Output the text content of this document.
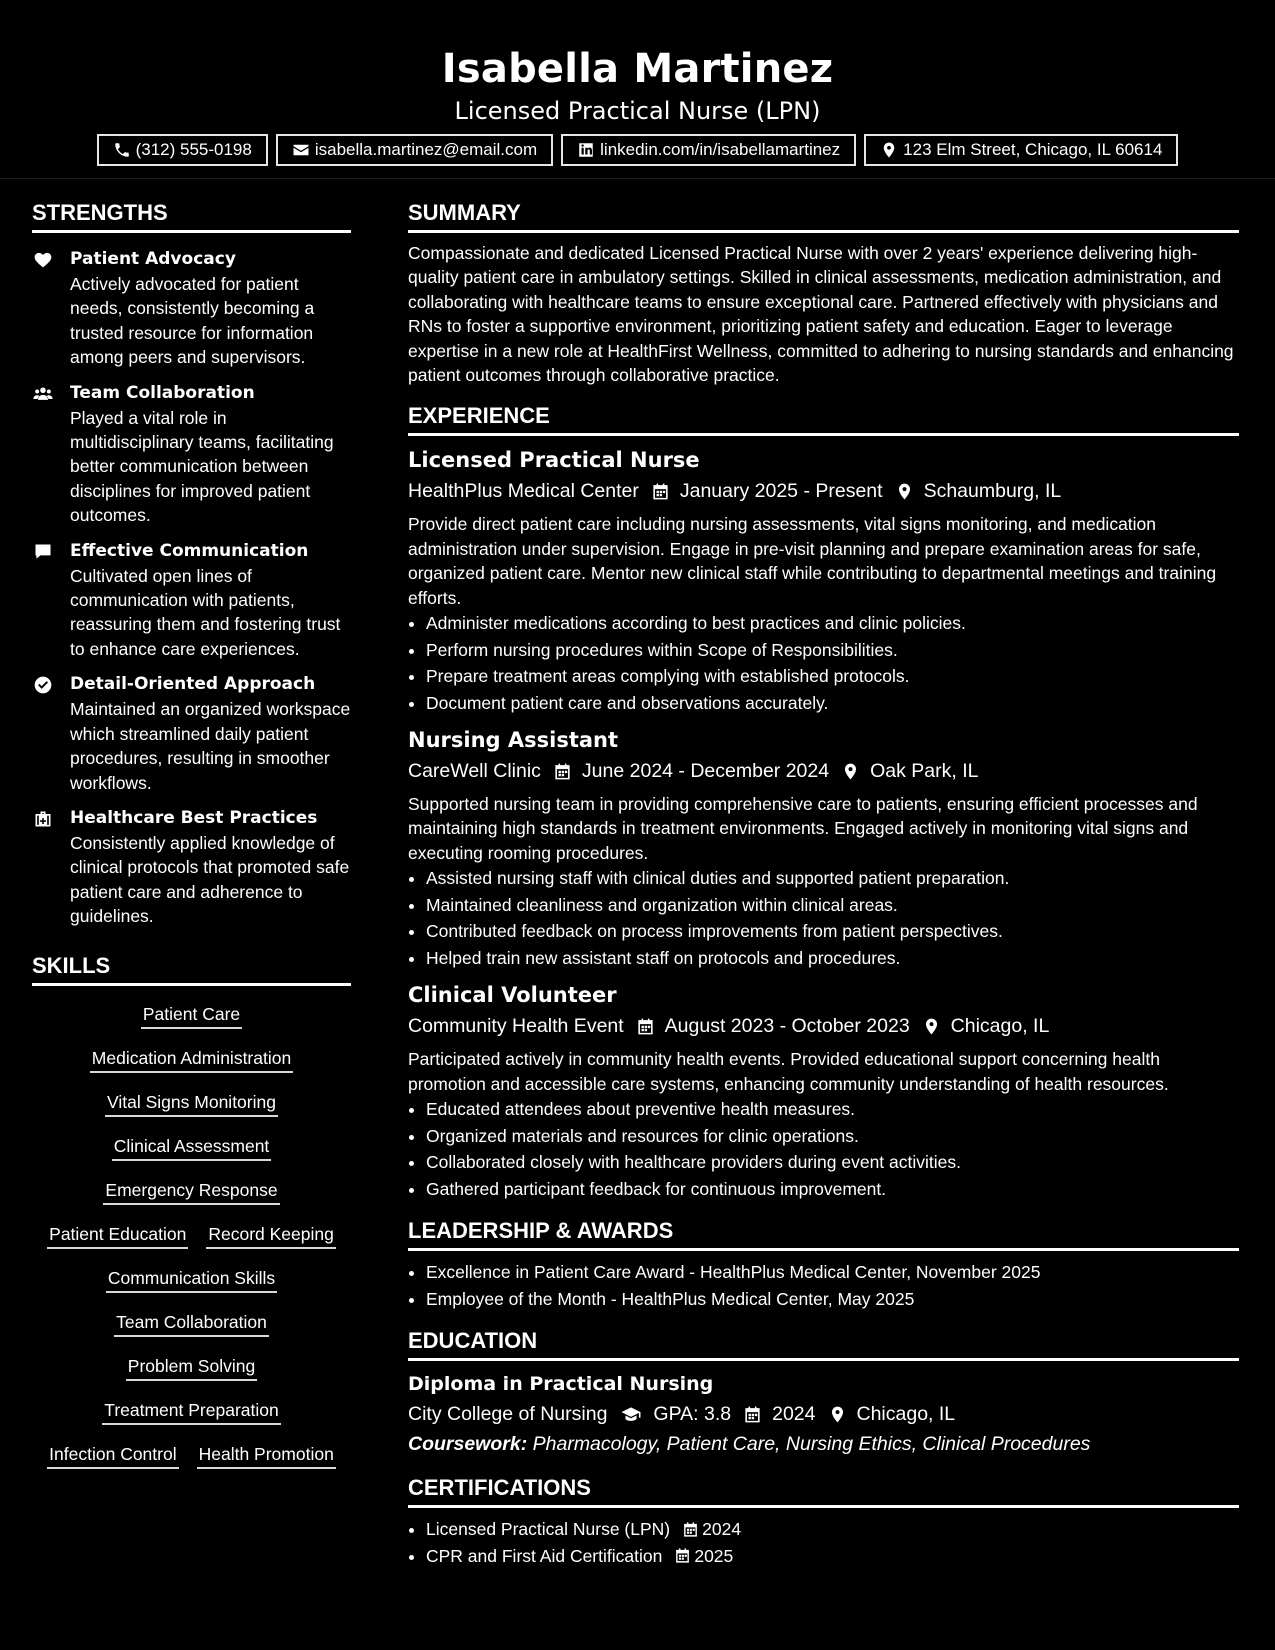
Isabella Martinez
Licensed Practical Nurse (LPN)
(312) 555-0198	isabella.martinez@email.com	linkedin.com/in/isabellamartinez	123 Elm Street, Chicago, IL 60614
STRENGTHS
Patient Advocacy
Actively advocated for patient needs, consistently becoming a trusted resource for information among peers and supervisors.
Team Collaboration
Played a vital role in multidisciplinary teams, facilitating better communication between disciplines for improved patient outcomes.
Effective Communication
Cultivated open lines of communication with patients, reassuring them and fostering trust to enhance care experiences.
Detail-Oriented Approach
Maintained an organized workspace which streamlined daily patient procedures, resulting in smoother workflows.
Healthcare Best Practices
Consistently applied knowledge of clinical protocols that promoted safe patient care and adherence to guidelines.
SKILLS
Patient Care
Medication Administration
Vital Signs Monitoring
Clinical Assessment
Emergency Response
Patient Education Record Keeping
Communication Skills
Team Collaboration
Problem Solving
Treatment Preparation
Infection Control Health Promotion
SUMMARY

Compassionate and dedicated Licensed Practical Nurse with over 2 years' experience delivering high-quality patient care in ambulatory settings. Skilled in clinical assessments, medication administration, and collaborating with healthcare teams to ensure exceptional care. Partnered effectively with physicians and RNs to foster a supportive environment, prioritizing patient safety and education. Eager to leverage expertise in a new role at HealthFirst Wellness, committed to adhering to nursing standards and enhancing patient outcomes through collaborative practice.

EXPERIENCE
Licensed Practical Nurse
HealthPlus Medical Center January 2025 - Present Schaumburg, IL

Provide direct patient care including nursing assessments, vital signs monitoring, and medication administration under supervision. Engage in pre-visit planning and prepare examination areas for safe, organized patient care. Mentor new clinical staff while contributing to departmental meetings and training efforts.

• Administer medications according to best practices and clinic policies.
• Perform nursing procedures within Scope of Responsibilities.
• Prepare treatment areas complying with established protocols.
• Document patient care and observations accurately.
Nursing Assistant
CareWell Clinic June 2024 - December 2024 Oak Park, IL

Supported nursing team in providing comprehensive care to patients, ensuring efficient processes and maintaining high standards in treatment environments. Engaged actively in monitoring vital signs and executing rooming procedures.

• Assisted nursing staff with clinical duties and supported patient preparation.
• Maintained cleanliness and organization within clinical areas.
• Contributed feedback on process improvements from patient perspectives.
• Helped train new assistant staff on protocols and procedures.
Clinical Volunteer
Community Health Event August 2023 - October 2023 Chicago, IL

Participated actively in community health events. Provided educational support concerning health promotion and accessible care systems, enhancing community understanding of health resources.

• Educated attendees about preventive health measures.
• Organized materials and resources for clinic operations.
• Collaborated closely with healthcare providers during event activities.
• Gathered participant feedback for continuous improvement.
LEADERSHIP & AWARDS
• Excellence in Patient Care Award - HealthPlus Medical Center, November 2025
• Employee of the Month - HealthPlus Medical Center, May 2025
EDUCATION
Diploma in Practical Nursing
City College of Nursing GPA: 3.8 2024 Chicago, IL
Coursework: Pharmacology, Patient Care, Nursing Ethics, Clinical Procedures
CERTIFICATIONS
• Licensed Practical Nurse (LPN) 2024
• CPR and First Aid Certification 2025
